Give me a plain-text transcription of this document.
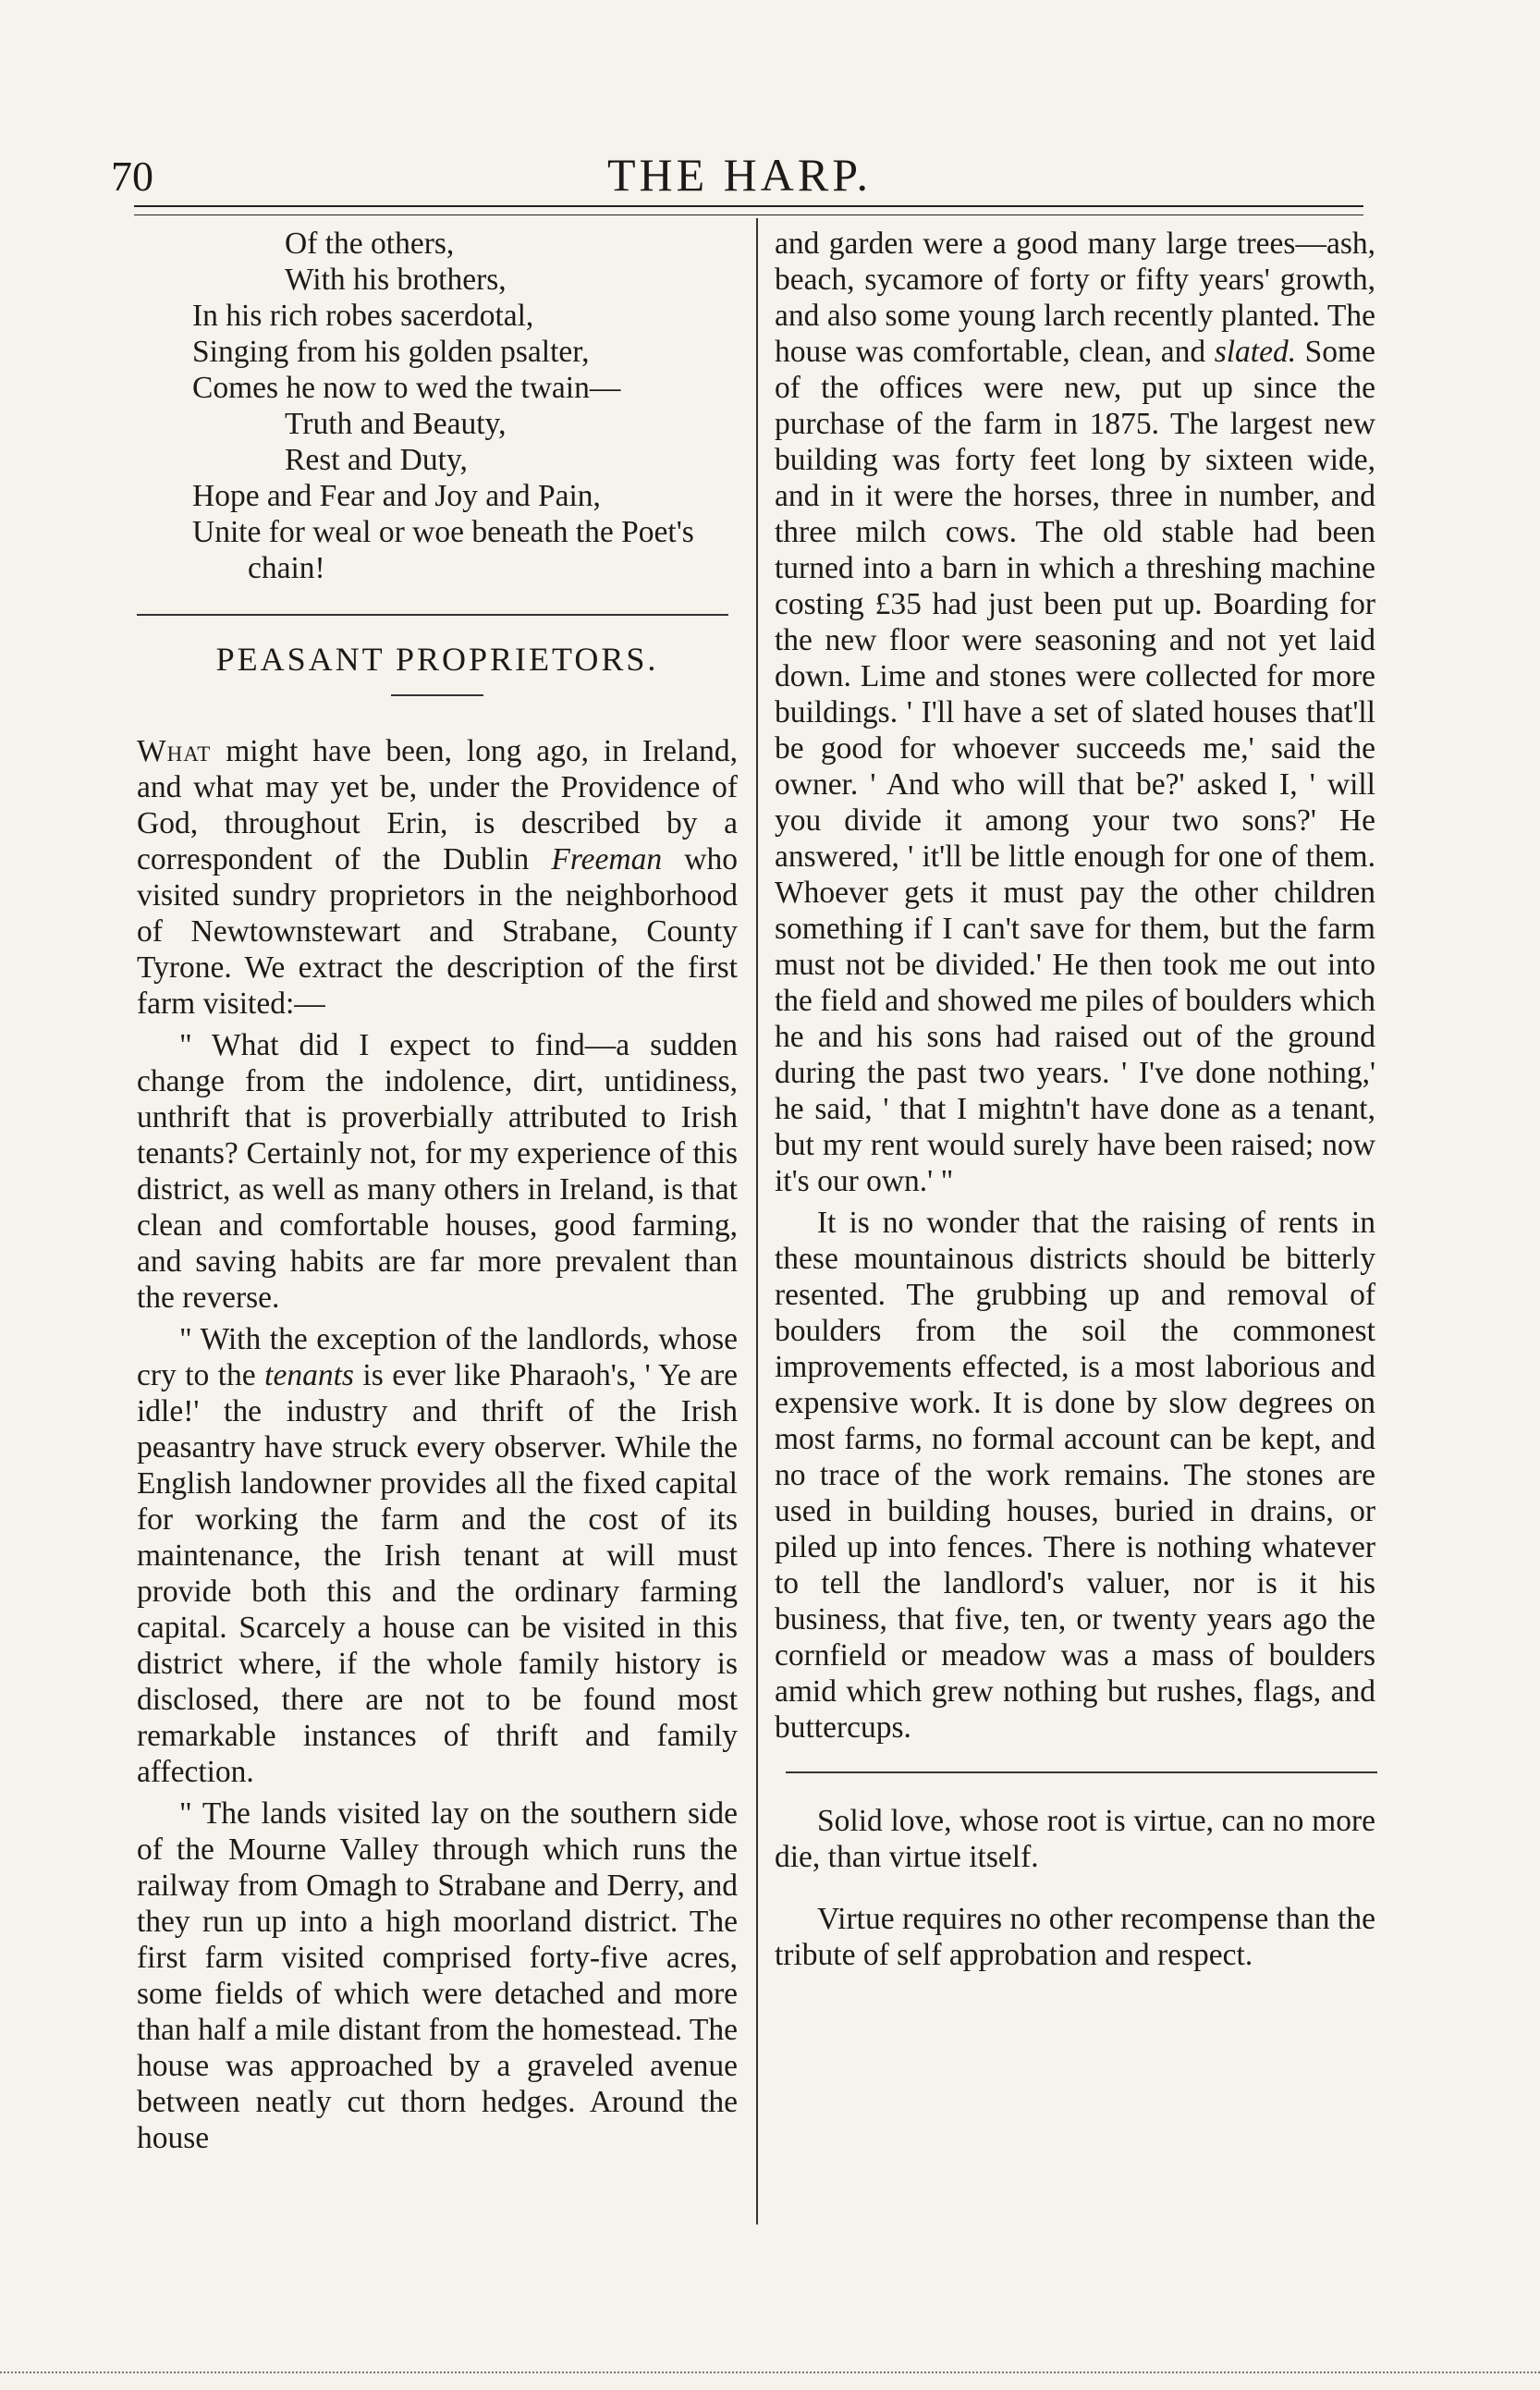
70	THE HARP.
Of the others,
With his brothers,
In his rich robes sacerdotal,
Singing from his golden psalter,
Comes he now to wed the twain—
Truth and Beauty,
Rest and Duty,
Hope and Fear and Joy and Pain,
Unite for weal or woe beneath the Poet's
chain!
PEASANT PROPRIETORS.

What might have been, long ago, in Ireland, and what may yet be, under the Providence of God, throughout Erin, is described by a correspondent of the Dublin Freeman who visited sundry proprietors in the neighborhood of Newtownstewart and Strabane, County Tyrone. We extract the description of the first farm visited:—

" What did I expect to find—a sudden change from the indolence, dirt, untidiness, unthrift that is proverbially attributed to Irish tenants? Certainly not, for my experience of this district, as well as many others in Ireland, is that clean and comfortable houses, good farming, and saving habits are far more prevalent than the reverse.

" With the exception of the landlords, whose cry to the tenants is ever like Pharaoh's, ' Ye are idle!' the industry and thrift of the Irish peasantry have struck every observer. While the English landowner provides all the fixed capital for working the farm and the cost of its maintenance, the Irish tenant at will must provide both this and the ordinary farming capital. Scarcely a house can be visited in this district where, if the whole family history is disclosed, there are not to be found most remarkable instances of thrift and family affection.

" The lands visited lay on the southern side of the Mourne Valley through which runs the railway from Omagh to Strabane and Derry, and they run up into a high moorland district. The first farm visited comprised forty-five acres, some fields of which were detached and more than half a mile distant from the homestead. The house was approached by a graveled avenue between neatly cut thorn hedges. Around the house

and garden were a good many large trees—ash, beach, sycamore of forty or fifty years' growth, and also some young larch recently planted. The house was comfortable, clean, and slated. Some of the offices were new, put up since the purchase of the farm in 1875. The largest new building was forty feet long by sixteen wide, and in it were the horses, three in number, and three milch cows. The old stable had been turned into a barn in which a threshing machine costing £35 had just been put up. Boarding for the new floor were seasoning and not yet laid down. Lime and stones were collected for more buildings. ' I'll have a set of slated houses that'll be good for whoever succeeds me,' said the owner. ' And who will that be?' asked I, ' will you divide it among your two sons?' He answered, ' it'll be little enough for one of them. Whoever gets it must pay the other children something if I can't save for them, but the farm must not be divided.' He then took me out into the field and showed me piles of boulders which he and his sons had raised out of the ground during the past two years. ' I've done nothing,' he said, ' that I mightn't have done as a tenant, but my rent would surely have been raised; now it's our own.' "

It is no wonder that the raising of rents in these mountainous districts should be bitterly resented. The grubbing up and removal of boulders from the soil the commonest improvements effected, is a most laborious and expensive work. It is done by slow degrees on most farms, no formal account can be kept, and no trace of the work remains. The stones are used in building houses, buried in drains, or piled up into fences. There is nothing whatever to tell the landlord's valuer, nor is it his business, that five, ten, or twenty years ago the cornfield or meadow was a mass of boulders amid which grew nothing but rushes, flags, and buttercups.

Solid love, whose root is virtue, can no more die, than virtue itself.

Virtue requires no other recompense than the tribute of self approbation and respect.
